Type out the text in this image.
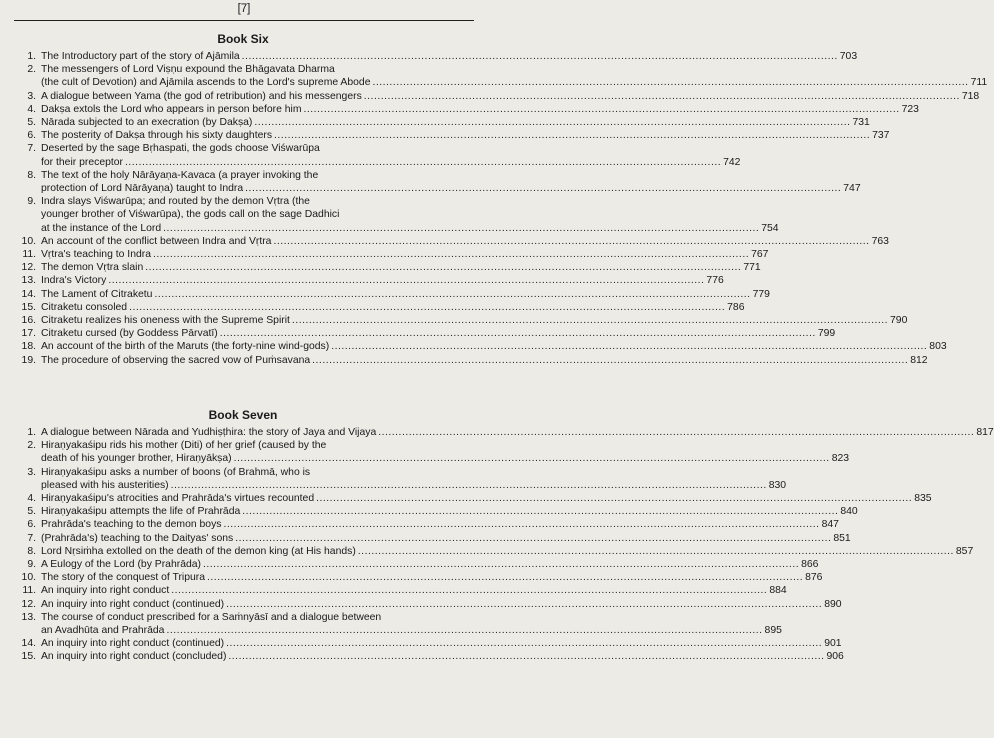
[7]
Book Six
1. The Introductory part of the story of Ajāmila .....	703
2. The messengers of Lord Viṣṇu expound the Bhāgavata Dharma
(the cult of Devotion) and Ajāmila ascends to the Lord's supreme Abode .....	711
3. A dialogue between Yama (the god of retribution) and his messengers .....	718
4. Dakṣa extols the Lord who appears in person before him .....	723
5. Nārada subjected to an execration (by Dakṣa) .....	731
6. The posterity of Dakṣa through his sixty daughters .....	737
7. Deserted by the sage Bṛhaspati, the gods choose Viśwarūpa
for their preceptor .....	742
8. The text of the holy Nārāyaṇa-Kavaca (a prayer invoking the
protection of Lord Nārāyaṇa) taught to Indra .....	747
9. Indra slays Viśwarūpa; and routed by the demon Vṛtra (the
younger brother of Viśwarūpa), the gods call on the sage Dadhici
at the instance of the Lord .....	754
10. An account of the conflict between Indra and Vṛtra .....	763
11. Vṛtra's teaching to Indra .....	767
12. The demon Vṛtra slain .....	771
13. Indra's Victory .....	776
14. The Lament of Citraketu .....	779
15. Citraketu consoled .....	786
16. Citraketu realizes his oneness with the Supreme Spirit .....	790
17. Citraketu cursed (by Goddess Pārvatī) .....	799
18. An account of the birth of the Maruts (the forty-nine wind-gods) .....	803
19. The procedure of observing the sacred vow of Puṁsavana .....	812
Book Seven
1. A dialogue between Nārada and Yudhiṣṭhira: the story of Jaya and Vijaya .....	817
2. Hiraṇyakaśipu rids his mother (Diti) of her grief (caused by the
death of his younger brother, Hiraṇyākṣa) .....	823
3. Hiraṇyakaśipu asks a number of boons (of Brahmā, who is
pleased with his austerities) .....	830
4. Hiraṇyakaśipu's atrocities and Prahrāda's virtues recounted .....	835
5. Hiraṇyakaśipu attempts the life of Prahrāda .....	840
6. Prahrāda's teaching to the demon boys .....	847
7. (Prahrāda's) teaching to the Daityas' sons .....	851
8. Lord Nṛsiṁha extolled on the death of the demon king (at His hands) .....	857
9. A Eulogy of the Lord (by Prahrāda) .....	866
10. The story of the conquest of Tripura .....	876
11. An inquiry into right conduct .....	884
12. An inquiry into right conduct (continued) .....	890
13. The course of conduct prescribed for a Saṁnyāsī and a dialogue between
an Avadhūta and Prahrāda .....	895
14. An inquiry into right conduct (continued) .....	901
15. An inquiry into right conduct (concluded) .....	906
